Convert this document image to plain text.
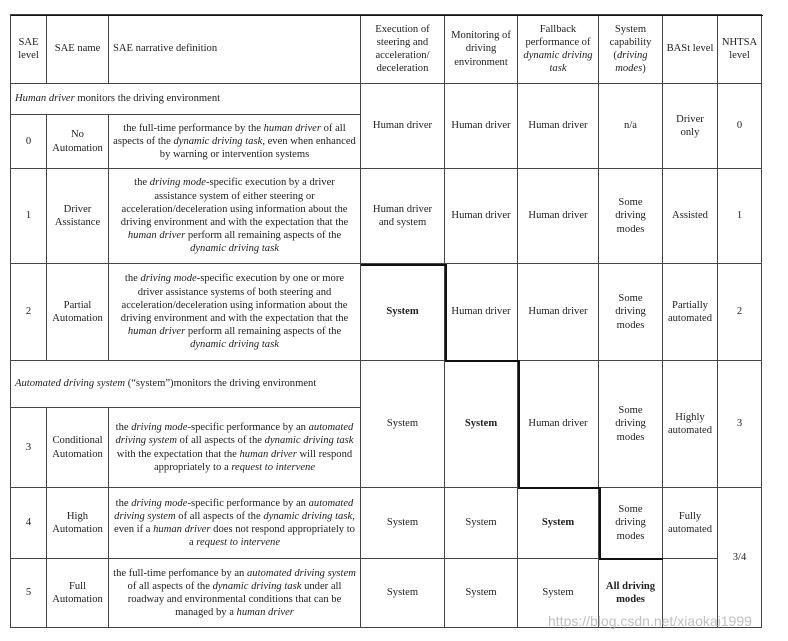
All driving modes
System
System
System
the full-time perfomance by an automated driving system of all aspects of the dynamic driving task under all roadway and environmental conditions that can be managed by a human driver
Full Automation
5
3/4
Fully automated
Some driving modes
System
System
System
the driving mode-specific performance by an automated driving system of all aspects of the dynamic driving task, even if a human driver does not respond appropriately to a request to intervene
High Automation
4
3
Highly automated
Some driving modes
Human driver
System
System
the driving mode-specific performance by an automated driving system of all aspects of the dynamic driving task with the expectation that the human driver will respond appropriately to a request to intervene
Conditional Automation
3
2
Partially automated
Some driving modes
Human driver
Human driver
System
the driving mode-specific execution by one or more driver assistance systems of both steering and acceleration/deceleration using information about the driving environment and with the expectation that the human driver perform all remaining aspects of the dynamic driving task
Partial Automation
2
1
Assisted
Some driving modes
Human driver
Human driver
Human driver and system
the driving mode-specific execution by a driver assistance system of either steering or acceleration/deceleration using information about the driving environment and with the expectation that the human driver perform all remaining aspects of the dynamic driving task
Driver Assistance
1
0
Driver only
n/a
Human driver
Human driver
Human driver
the full-time performance by the human driver of all aspects of the dynamic driving task, even when enhanced by warning or intervention systems
No Automation
0
Automated driving system (“system”)monitors the driving environment
Human driver monitors the driving environment
NHTSA level
BASt level
System capability (driving modes)
Fallback performance of dynamic driving task
Monitoring of driving environment
Execution of steering and acceleration/ deceleration
SAE narrative definition
SAE name
SAE level
https://blog.csdn.net/xiaokai1999
